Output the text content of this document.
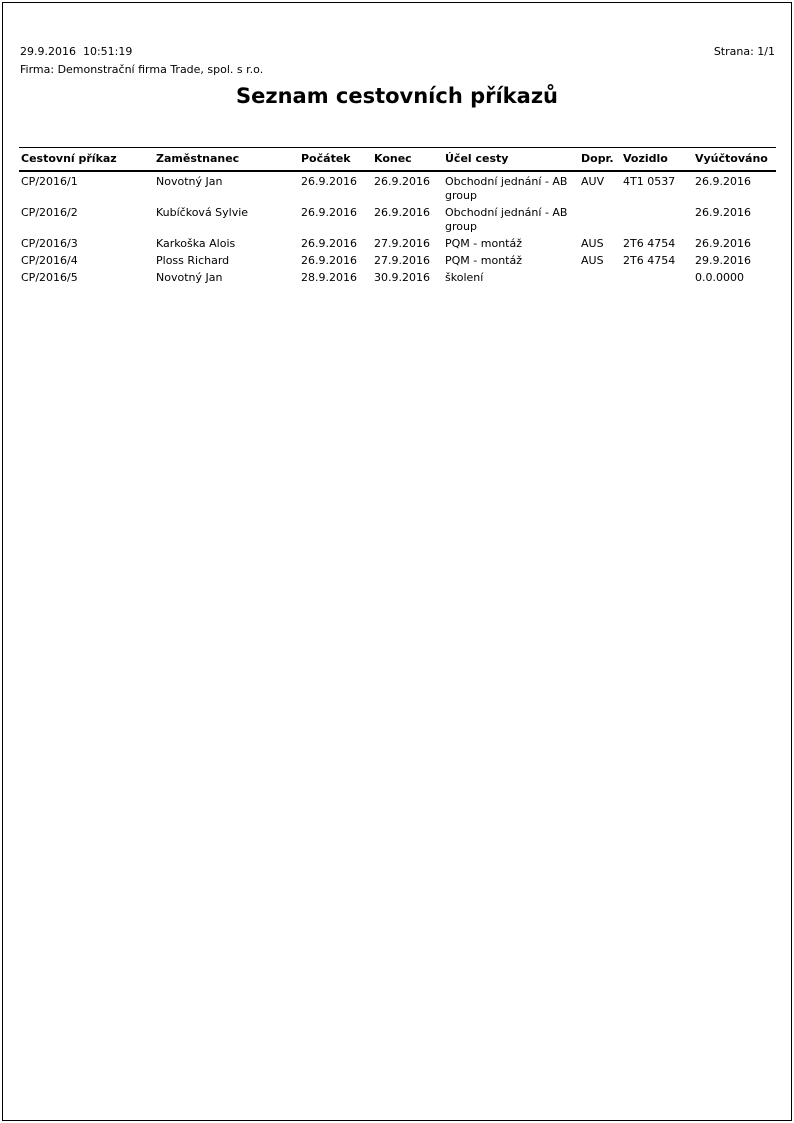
29.9.2016  10:51:19	Strana: 1/1
Firma: Demonstrační firma Trade, spol. s r.o.
Seznam cestovních příkazů
Cestovní příkaz	Zaměstnanec	Počátek	Konec	Účel cesty	Dopr.	Vozidlo	Vyúčtováno
CP/2016/1	Novotný Jan	26.9.2016	26.9.2016	Obchodní jednání - AB group	AUV	4T1 0537	26.9.2016
CP/2016/2	Kubíčková Sylvie	26.9.2016	26.9.2016	Obchodní jednání - AB group			26.9.2016
CP/2016/3	Karkoška Alois	26.9.2016	27.9.2016	PQM - montáž	AUS	2T6 4754	26.9.2016
CP/2016/4	Ploss Richard	26.9.2016	27.9.2016	PQM - montáž	AUS	2T6 4754	29.9.2016
CP/2016/5	Novotný Jan	28.9.2016	30.9.2016	školení			0.0.0000
